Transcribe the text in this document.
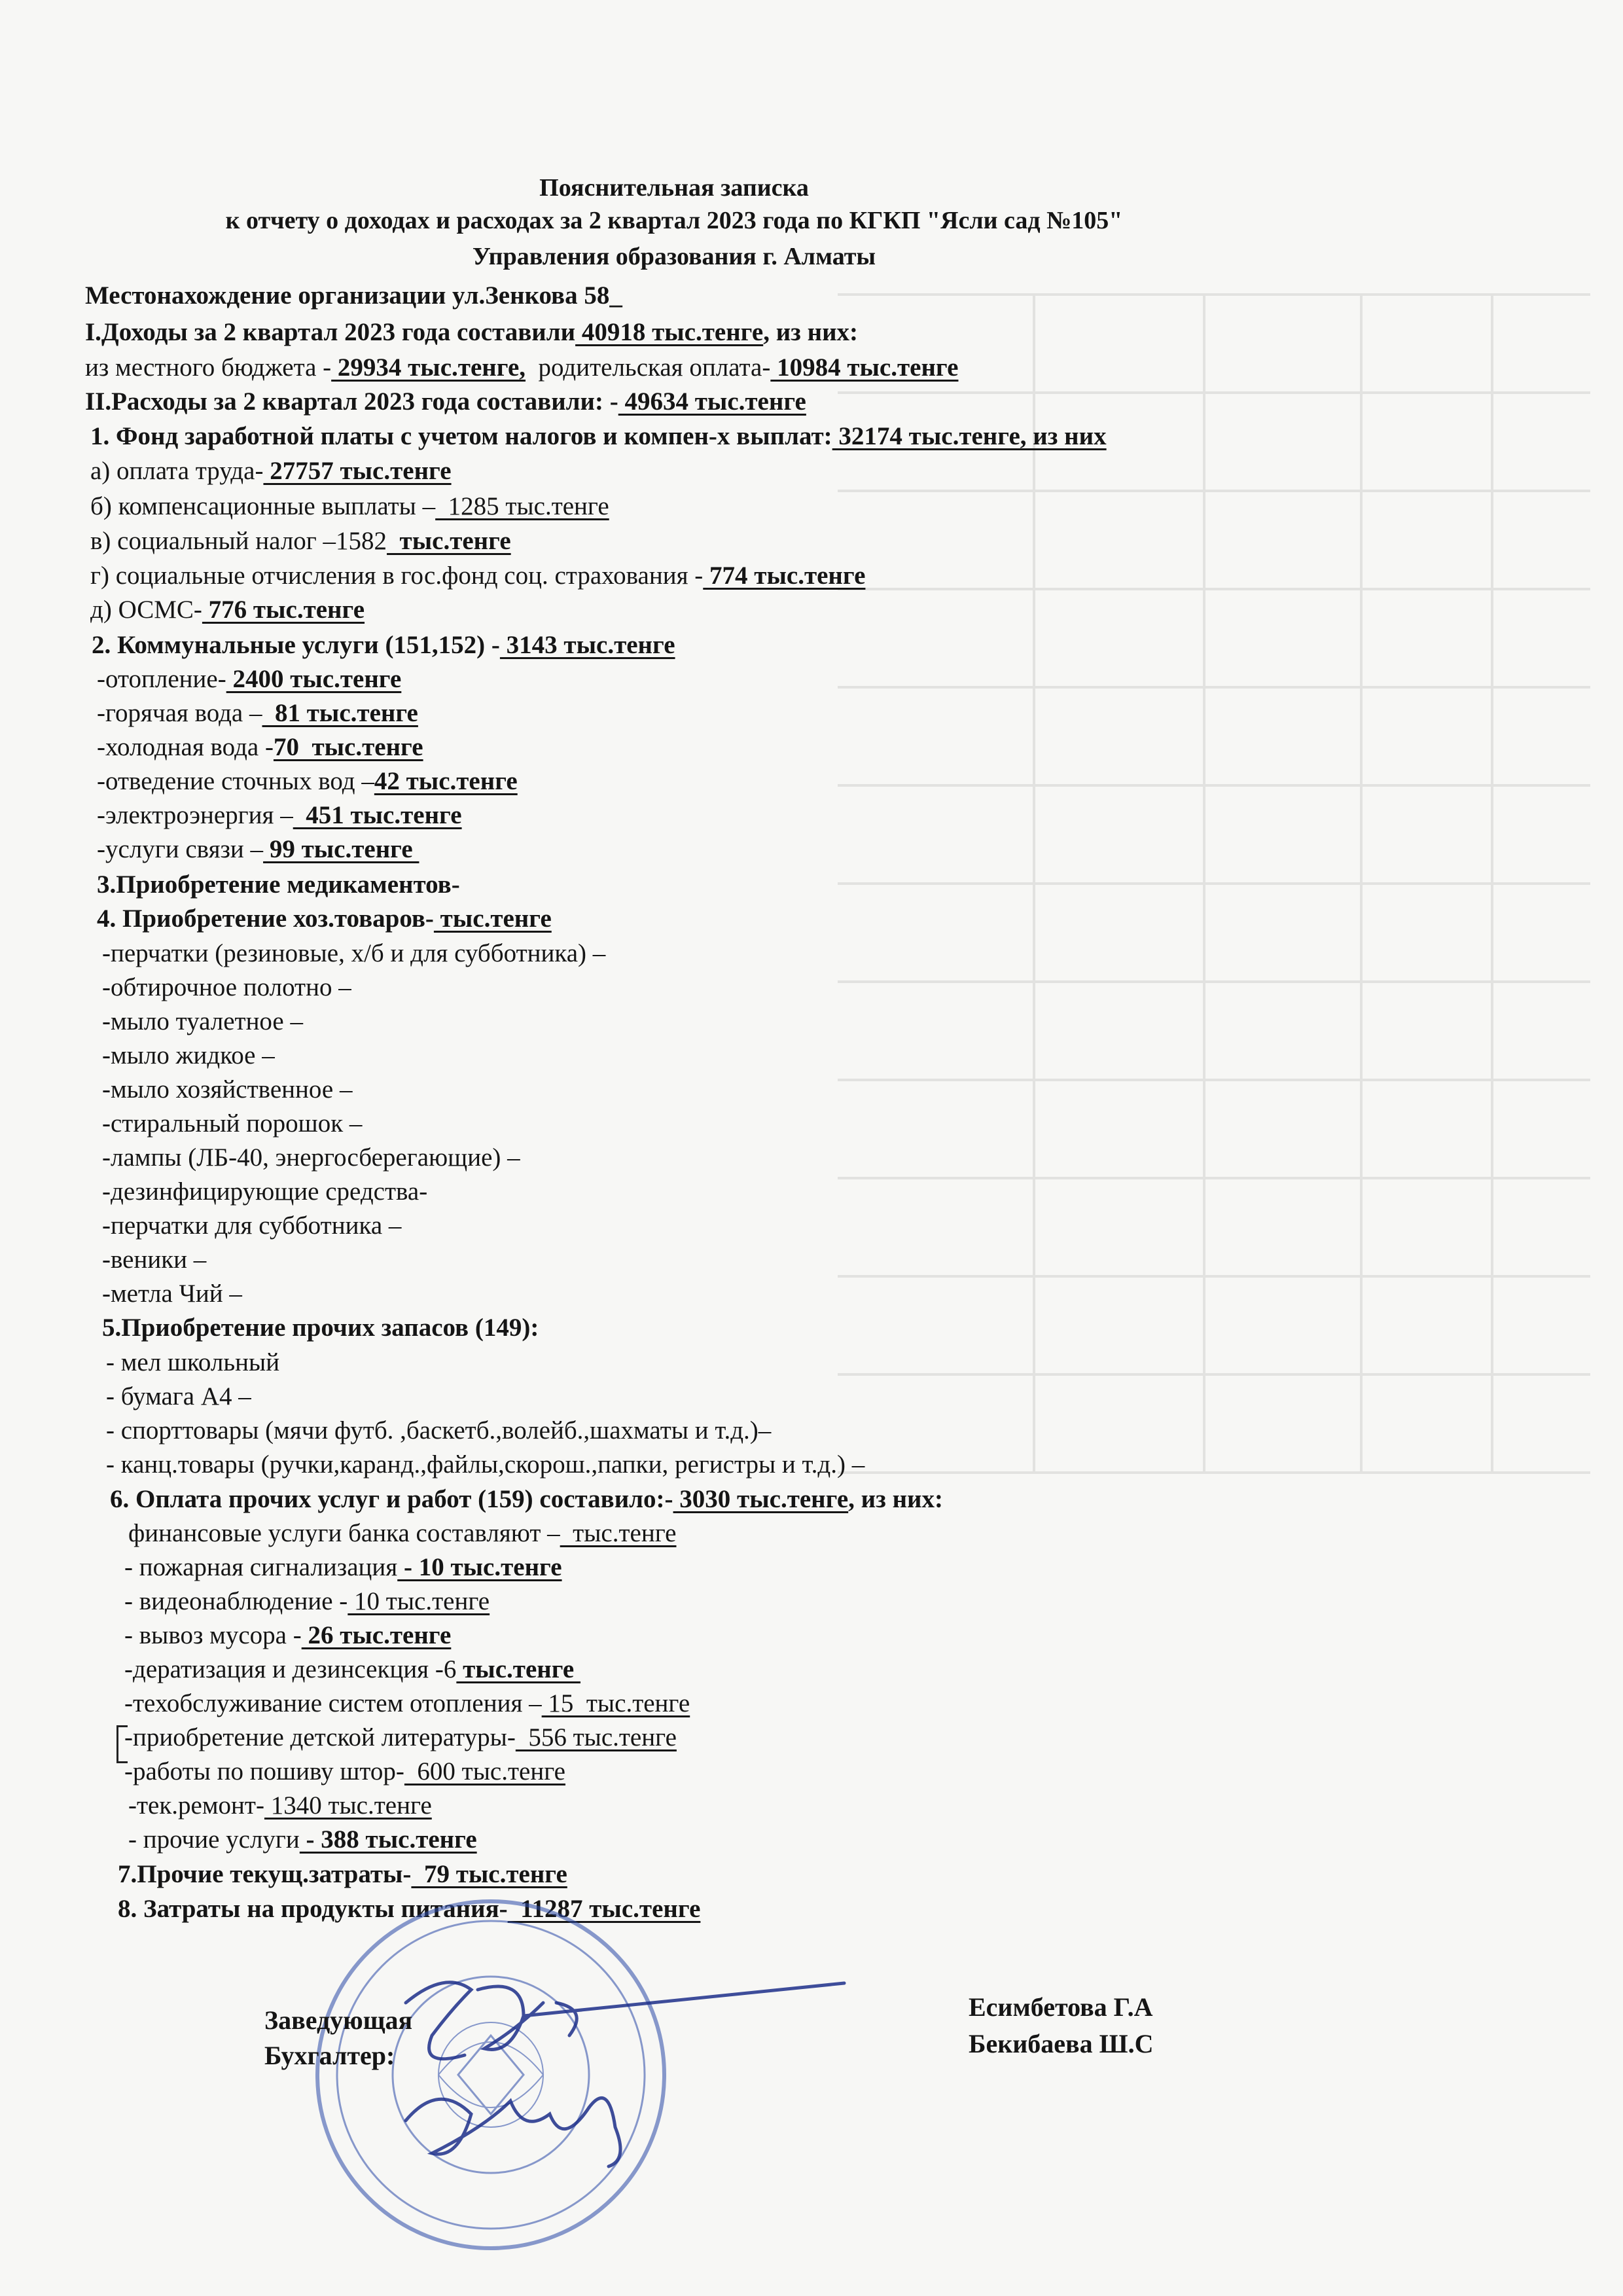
Пояснительная записка
к отчету о доходах и расходах за 2 квартал 2023 года по КГКП "Ясли сад №105"
Управления образования г. Алматы
Местонахождение организации ул.Зенкова 58_
I.Доходы за 2 квартал 2023 года составили 40918 тыс.тенге, из них:
из местного бюджета - 29934 тыс.тенге,  родительская оплата- 10984 тыс.тенге
II.Расходы за 2 квартал 2023 года составили: - 49634 тыс.тенге
1. Фонд заработной платы с учетом налогов и компен-х выплат: 32174 тыс.тенге, из них
а) оплата труда- 27757 тыс.тенге
б) компенсационные выплаты –  1285 тыс.тенге
в) социальный налог –1582  тыс.тенге
г) социальные отчисления в гос.фонд соц. страхования - 774 тыс.тенге
д) ОСМС- 776 тыс.тенге
2. Коммунальные услуги (151,152) - 3143 тыс.тенге
-отопление- 2400 тыс.тенге
-горячая вода –  81 тыс.тенге
-холодная вода -70  тыс.тенге
-отведение сточных вод –42 тыс.тенге
-электроэнергия –  451 тыс.тенге
-услуги связи – 99 тыс.тенге
3.Приобретение медикаментов-
4. Приобретение хоз.товаров- тыс.тенге
-перчатки (резиновые, х/б и для субботника) –
-обтирочное полотно –
-мыло туалетное –
-мыло жидкое –
-мыло хозяйственное –
-стиральный порошок –
-лампы (ЛБ-40, энергосберегающие) –
-дезинфицирующие средства-
-перчатки для субботника –
-веники –
-метла Чий –
5.Приобретение прочих запасов (149):
- мел школьный
- бумага А4 –
- спорттовары (мячи футб. ,баскетб.,волейб.,шахматы и т.д.)–
- канц.товары (ручки,каранд.,файлы,скорош.,папки, регистры и т.д.) –
6. Оплата прочих услуг и работ (159) составило:- 3030 тыс.тенге, из них:
финансовые услуги банка составляют –  тыс.тенге
- пожарная сигнализация - 10 тыс.тенге
- видеонаблюдение - 10 тыс.тенге
- вывоз мусора - 26 тыс.тенге
-дератизация и дезинсекция -6 тыс.тенге
-техобслуживание систем отопления – 15  тыс.тенге
-приобретение детской литературы-  556 тыс.тенге
-работы по пошиву штор-  600 тыс.тенге
-тек.ремонт- 1340 тыс.тенге
- прочие услуги - 388 тыс.тенге
7.Прочие текущ.затраты-  79 тыс.тенге
8. Затраты на продукты питания-  11287 тыс.тенге
Заведующая
Бухгалтер:
Есимбетова Г.А
Бекибаева Ш.С
